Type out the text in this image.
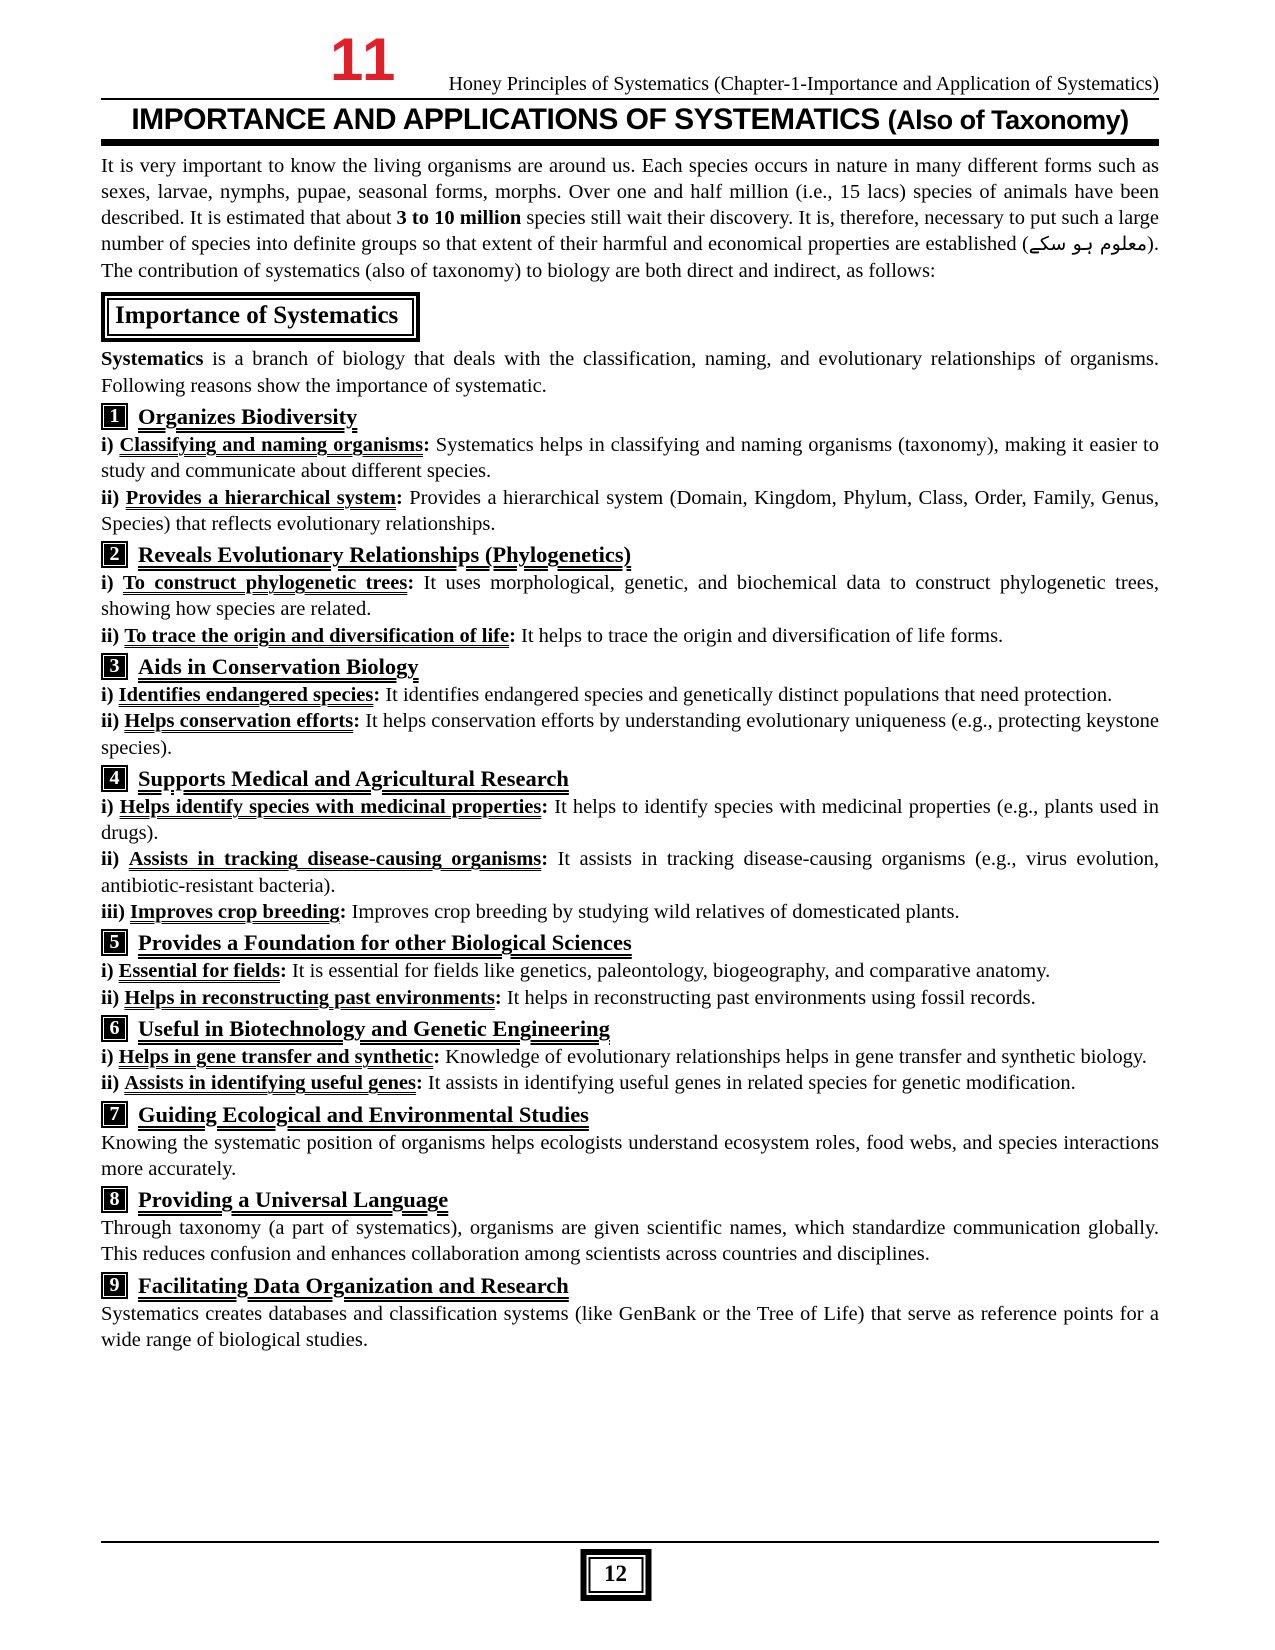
11	Honey Principles of Systematics (Chapter-1-Importance and Application of Systematics)
IMPORTANCE AND APPLICATIONS OF SYSTEMATICS (Also of Taxonomy)

It is very important to know the living organisms are around us. Each species occurs in nature in many different forms such as sexes, larvae, nymphs, pupae, seasonal forms, morphs. Over one and half million (i.e., 15 lacs) species of animals have been described. It is estimated that about 3 to 10 million species still wait their discovery. It is, therefore, necessary to put such a large number of species into definite groups so that extent of their harmful and economical properties are established (معلوم ہو سکے). The contribution of systematics (also of taxonomy) to biology are both direct and indirect, as follows:

Importance of Systematics

Systematics is a branch of biology that deals with the classification, naming, and evolutionary relationships of organisms. Following reasons show the importance of systematic.

1 Organizes Biodiversity

i) Classifying and naming organisms: Systematics helps in classifying and naming organisms (taxonomy), making it easier to study and communicate about different species.

ii) Provides a hierarchical system: Provides a hierarchical system (Domain, Kingdom, Phylum, Class, Order, Family, Genus, Species) that reflects evolutionary relationships.

2 Reveals Evolutionary Relationships (Phylogenetics)

i) To construct phylogenetic trees: It uses morphological, genetic, and biochemical data to construct phylogenetic trees, showing how species are related.

ii) To trace the origin and diversification of life: It helps to trace the origin and diversification of life forms.

3 Aids in Conservation Biology

i) Identifies endangered species: It identifies endangered species and genetically distinct populations that need protection.

ii) Helps conservation efforts: It helps conservation efforts by understanding evolutionary uniqueness (e.g., protecting keystone species).

4 Supports Medical and Agricultural Research

i) Helps identify species with medicinal properties: It helps to identify species with medicinal properties (e.g., plants used in drugs).

ii) Assists in tracking disease-causing organisms: It assists in tracking disease-causing organisms (e.g., virus evolution, antibiotic-resistant bacteria).

iii) Improves crop breeding: Improves crop breeding by studying wild relatives of domesticated plants.

5 Provides a Foundation for other Biological Sciences

i) Essential for fields: It is essential for fields like genetics, paleontology, biogeography, and comparative anatomy.

ii) Helps in reconstructing past environments: It helps in reconstructing past environments using fossil records.

6 Useful in Biotechnology and Genetic Engineering

i) Helps in gene transfer and synthetic: Knowledge of evolutionary relationships helps in gene transfer and synthetic biology.

ii) Assists in identifying useful genes: It assists in identifying useful genes in related species for genetic modification.

7 Guiding Ecological and Environmental Studies

Knowing the systematic position of organisms helps ecologists understand ecosystem roles, food webs, and species interactions more accurately.

8 Providing a Universal Language

Through taxonomy (a part of systematics), organisms are given scientific names, which standardize communication globally. This reduces confusion and enhances collaboration among scientists across countries and disciplines.

9 Facilitating Data Organization and Research

Systematics creates databases and classification systems (like GenBank or the Tree of Life) that serve as reference points for a wide range of biological studies.

12
